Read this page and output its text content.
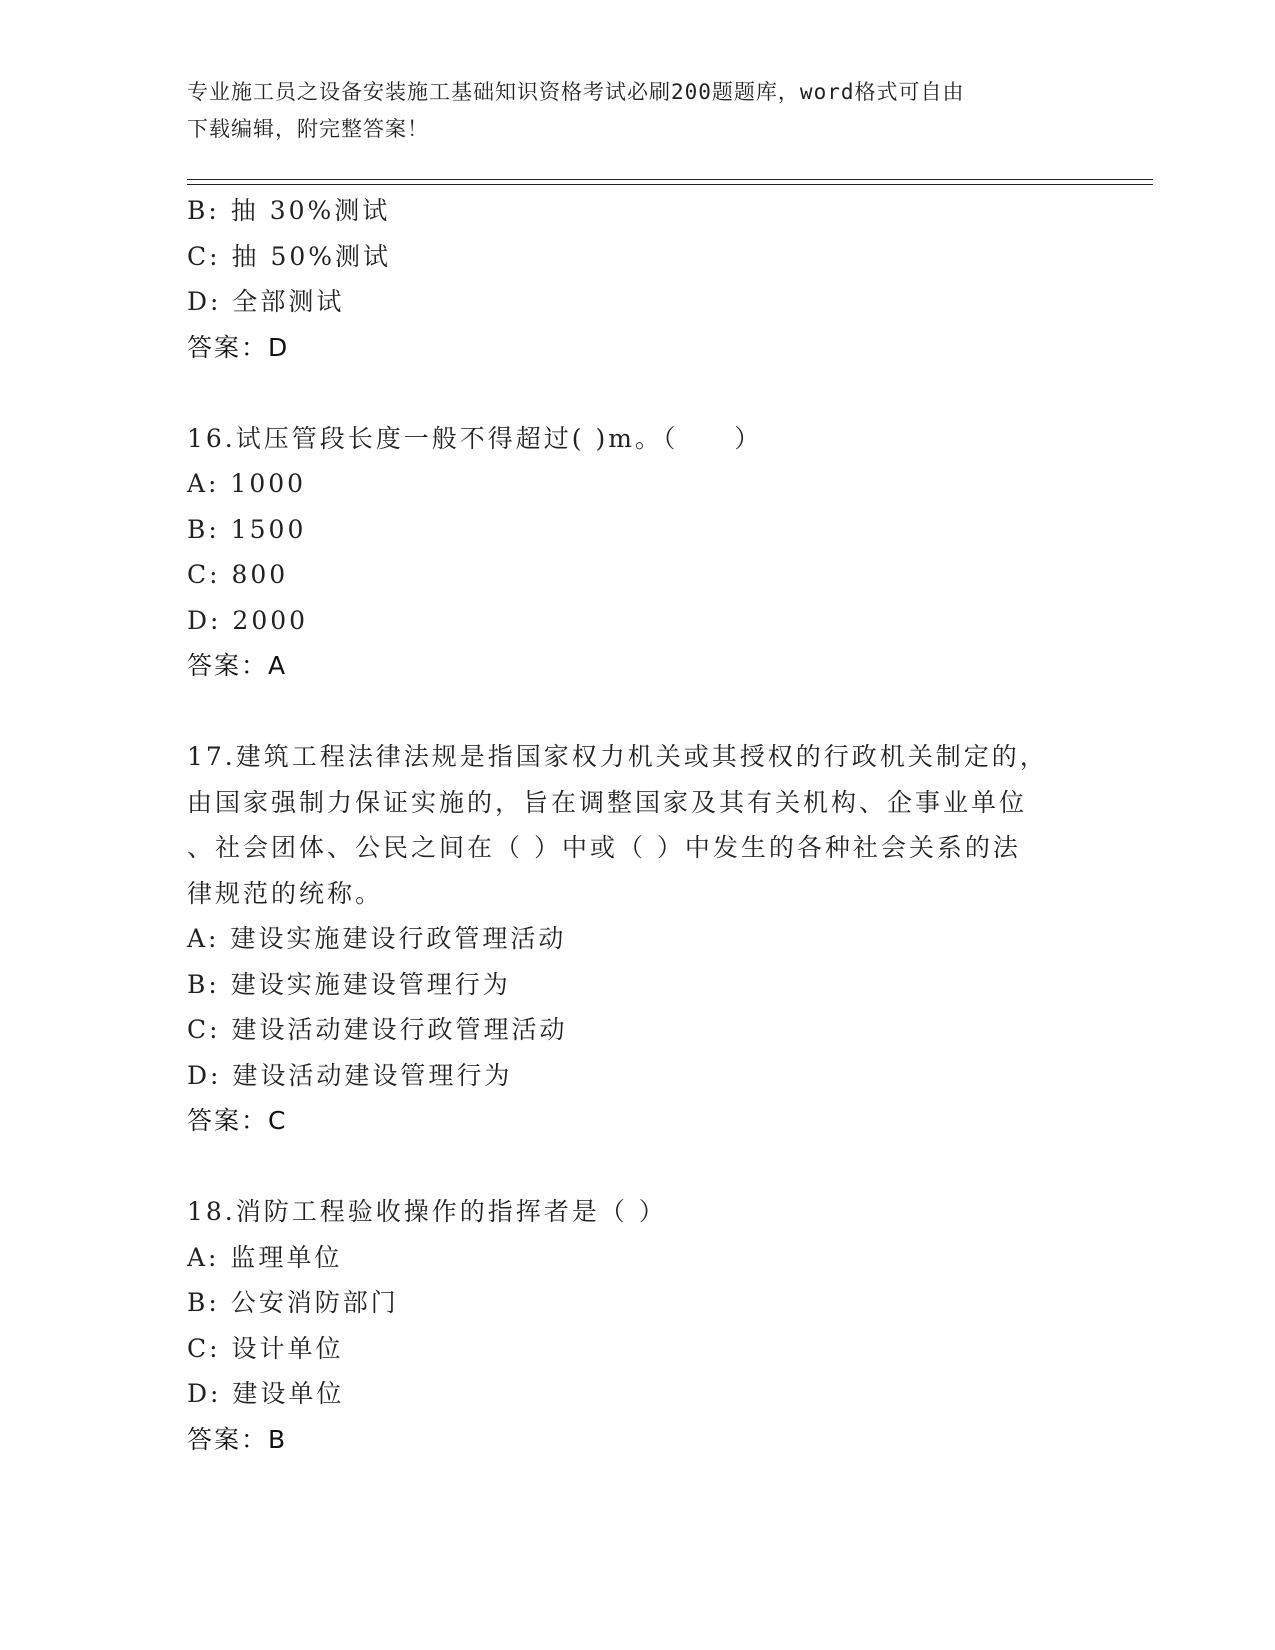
专业施工员之设备安装施工基础知识资格考试必刷200题题库，word格式可自由
下载编辑，附完整答案！
B: 抽 30%测试
C: 抽 50%测试
D: 全部测试
答案：D
16.试压管段长度一般不得超过( )m。（　　）
A: 1000
B: 1500
C: 800
D: 2000
答案：A
17.建筑工程法律法规是指国家权力机关或其授权的行政机关制定的，
由国家强制力保证实施的，旨在调整国家及其有关机构、企事业单位
、社会团体、公民之间在（ ）中或（ ）中发生的各种社会关系的法
律规范的统称。
A: 建设实施建设行政管理活动
B: 建设实施建设管理行为
C: 建设活动建设行政管理活动
D: 建设活动建设管理行为
答案：C
18.消防工程验收操作的指挥者是（ ）
A: 监理单位
B: 公安消防部门
C: 设计单位
D: 建设单位
答案：B
